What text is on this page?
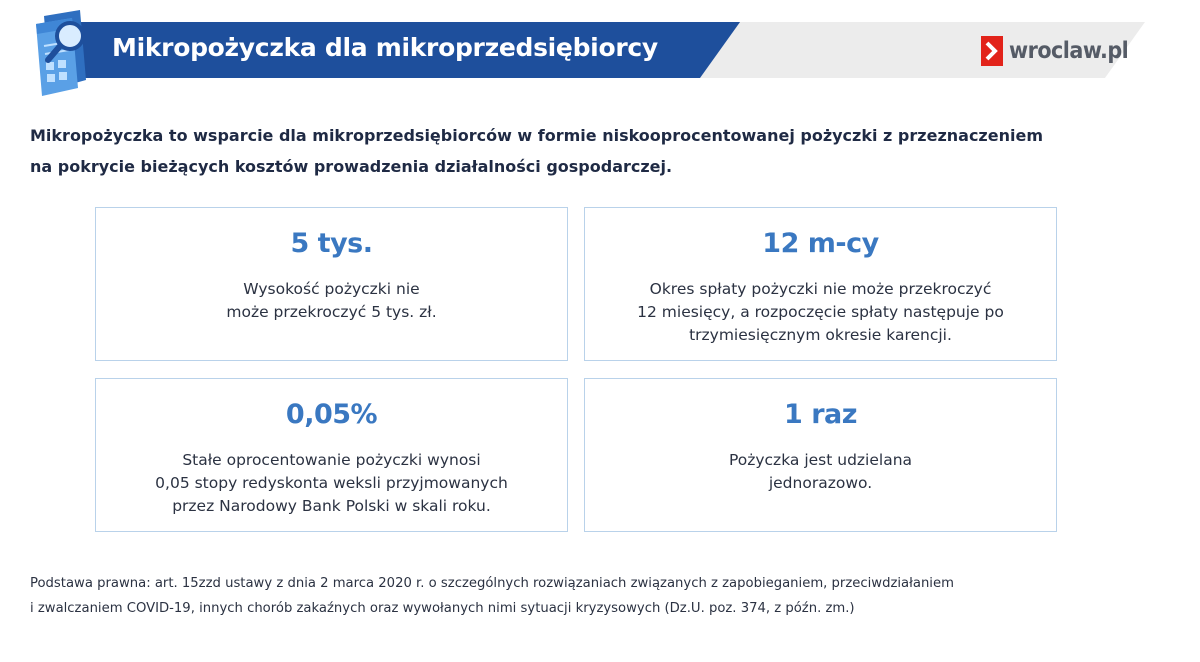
Mikropożyczka dla mikroprzedsiębiorcy	wroclaw.pl
Mikropożyczka to wsparcie dla mikroprzedsiębiorców w formie niskooprocentowanej pożyczki z przeznaczeniem
na pokrycie bieżących kosztów prowadzenia działalności gospodarczej.
5 tys.
Wysokość pożyczki nie
może przekroczyć 5 tys. zł.
12 m-cy
Okres spłaty pożyczki nie może przekroczyć
12 miesięcy, a rozpoczęcie spłaty następuje po
trzymiesięcznym okresie karencji.
0,05%
Stałe oprocentowanie pożyczki wynosi
0,05 stopy redyskonta weksli przyjmowanych
przez Narodowy Bank Polski w skali roku.
1 raz
Pożyczka jest udzielana
jednorazowo.
Podstawa prawna: art. 15zzd ustawy z dnia 2 marca 2020 r. o szczególnych rozwiązaniach związanych z zapobieganiem, przeciwdziałaniem
i zwalczaniem COVID-19, innych chorób zakaźnych oraz wywołanych nimi sytuacji kryzysowych (Dz.U. poz. 374, z późn. zm.)
